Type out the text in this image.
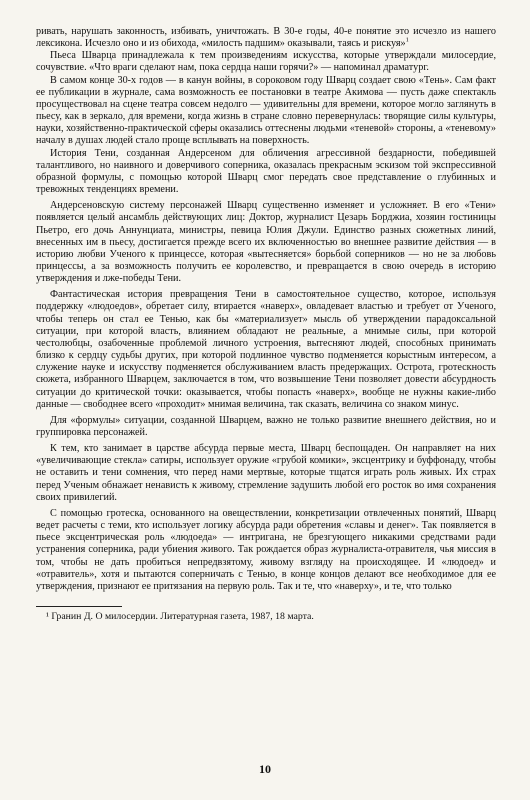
ривать, нарушать законность, избивать, уничтожать. В 30-е годы, 40-е понятие это исчезло из нашего лексикона. Исчезло оно и из обихода, «милость падшим» оказывали, таясь и рискуя»$^1$

Пьеса Шварца принадлежала к тем произведениям искусства, которые утверждали милосердие, сочувствие. «Что враги сделают нам, пока сердца наши горячи?» — напоминал драматург.

В самом конце 30-х годов — в канун войны, в сороковом году Шварц создает свою «Тень». Сам факт ее публикации в журнале, сама возможность ее постановки в театре Акимова — пусть даже спектакль просуществовал на сцене театра совсем недолго — удивительны для времени, которое могло заглянуть в пьесу, как в зеркало, для времени, когда жизнь в стране словно перевернулась: творящие силы культуры, науки, хозяйственно-практической сферы оказались оттеснены людьми «теневой» стороны, а «теневому» началу в душах людей стало проще всплывать на поверхность.

История Тени, созданная Андерсеном для обличения агрессивной бездарности, победившей талантливого, но наивного и доверчивого соперника, оказалась прекрасным эскизом той экспрессивной образной формулы, с помощью которой Шварц смог передать свое представление о глубинных и тревожных тенденциях времени.

Андерсеновскую систему персонажей Шварц существенно изменяет и усложняет. В его «Тени» появляется целый ансамбль действующих лиц: Доктор, журналист Цезарь Борджиа, хозяин гостиницы Пьетро, его дочь Аннунциата, министры, певица Юлия Джули. Единство разных сюжетных линий, внесенных им в пьесу, достигается прежде всего их включенностью во внешнее развитие действия — в историю любви Ученого к принцессе, которая «вытесняется» борьбой соперников — но не за любовь принцессы, а за возможность получить ее королевство, и превращается в свою очередь в историю утверждения и лже-победы Тени.

Фантастическая история превращения Тени в самостоятельное существо, которое, используя поддержку «людоедов», обретает силу, втирается «наверх», овладевает властью и требует от Ученого, чтобы теперь он стал ее Тенью, как бы «материализует» мысль об утверждении парадоксальной ситуации, при которой власть, влиянием обладают не реальные, а мнимые силы, при которой честолюбцы, озабоченные проблемой личного устроения, вытесняют людей, способных принимать близко к сердцу судьбы других, при которой подлинное чувство подменяется корыстным интересом, а служение науке и искусству подменяется обслуживанием власть предержащих. Острота, гротескность сюжета, избранного Шварцем, заключается в том, что возвышение Тени позволяет довести абсурдность ситуации до критической точки: оказывается, чтобы попасть «наверх», вообще не нужны какие-либо данные — свободнее всего «проходит» мнимая величина, так сказать, величина со знаком минус.

Для «формулы» ситуации, созданной Шварцем, важно не только развитие внешнего действия, но и группировка персонажей.

К тем, кто занимает в царстве абсурда первые места, Шварц беспощаден. Он направляет на них «увеличивающие стекла» сатиры, использует оружие «грубой комики», эксцентрику и буффонаду, чтобы не оставить и тени сомнения, что перед нами мертвые, которые тщатся играть роль живых. Их страх перед Ученым обнажает ненависть к живому, стремление задушить любой его росток во имя сохранения своих привилегий.

С помощью гротеска, основанного на овеществлении, конкретизации отвлеченных понятий, Шварц ведет расчеты с теми, кто использует логику абсурда ради обретения «славы и денег». Так появляется в пьесе эксцентрическая роль «людоеда» — интригана, не брезгующего никакими средствами ради устранения соперника, ради убиения живого. Так рождается образ журналиста-отравителя, чья миссия в том, чтобы не дать пробиться непредвзятому, живому взгляду на происходящее. И «людоед» и «отравитель», хотя и пытаются соперничать с Тенью, в конце концов делают все необходимое для ее утверждения, признают ее притязания на первую роль. Так и те, что «наверху», и те, что только

¹ Гранин Д. О милосердии. Литературная газета, 1987, 18 марта.
10
